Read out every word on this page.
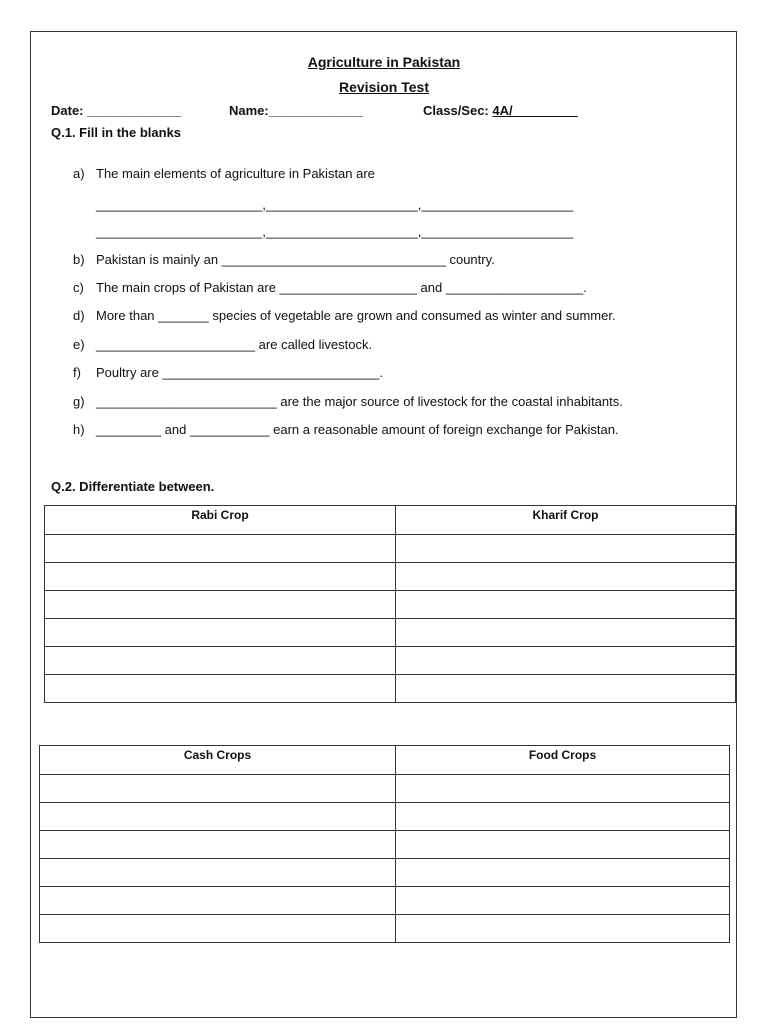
Agriculture in Pakistan
Revision Test
Date: _____________	Name:_____________	Class/Sec: 4A/_________
Q.1. Fill in the blanks
a) The main elements of agriculture in Pakistan are
_______________________,_____________________,_____________________
_______________________,_____________________,_____________________
b) Pakistan is mainly an _______________________________ country.
c) The main crops of Pakistan are ___________________ and ___________________.
d) More than _______ species of vegetable are grown and consumed as winter and summer.
e) ______________________ are called livestock.
f) Poultry are ______________________________.
g) _________________________ are the major source of livestock for the coastal inhabitants.
h) _________ and ___________ earn a reasonable amount of foreign exchange for Pakistan.
Q.2. Differentiate between.
Rabi Crop	Kharif Crop

Cash Crops	Food Crops
